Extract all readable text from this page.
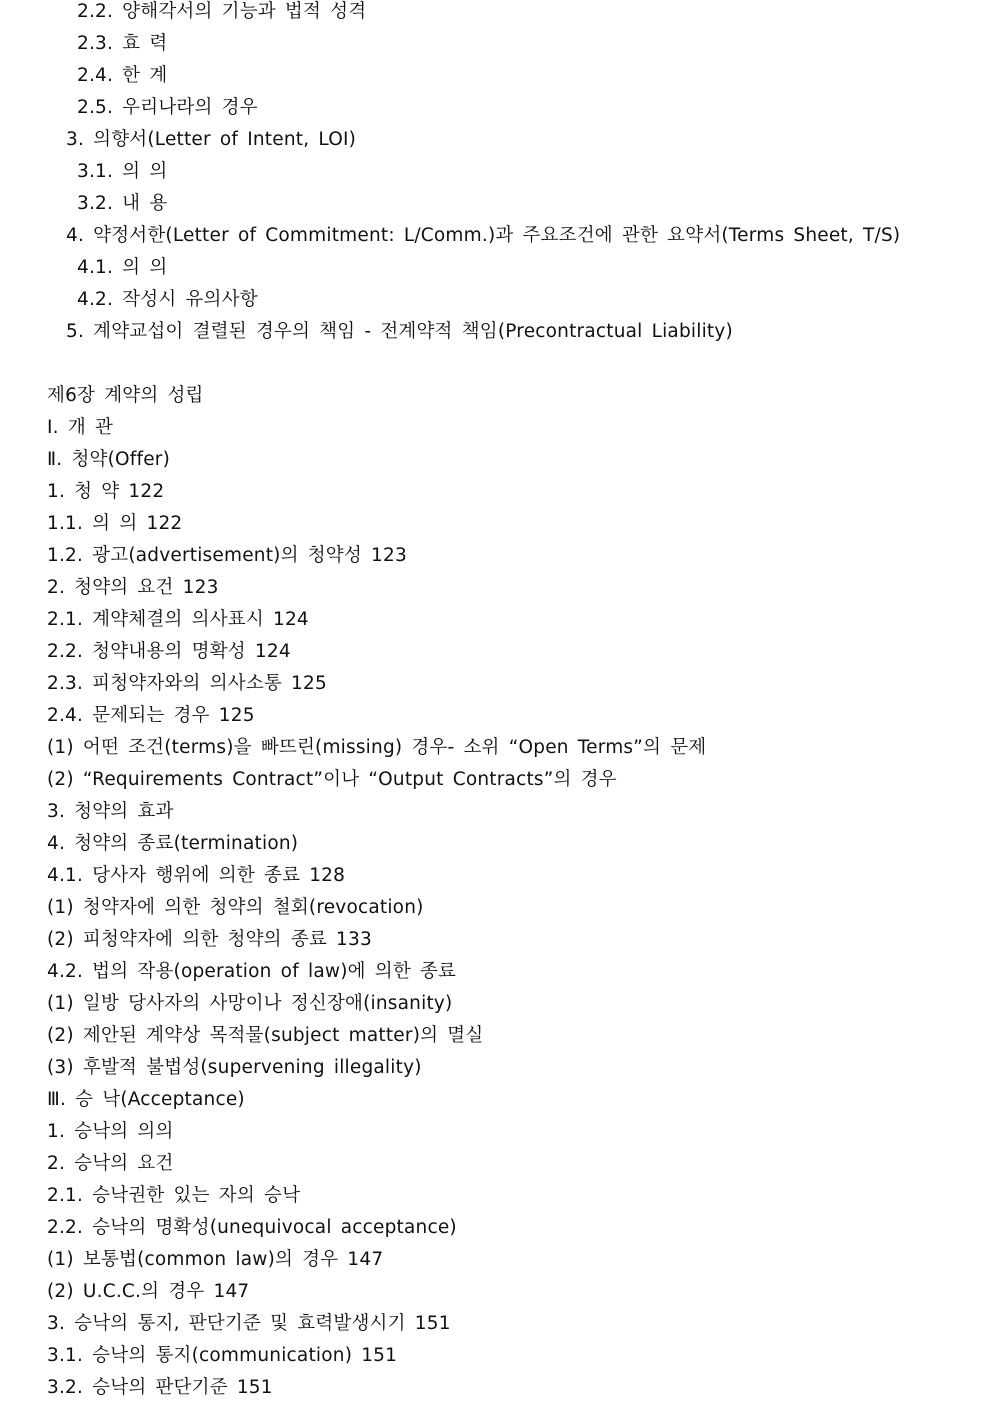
2.2. 양해각서의 기능과 법적 성격
2.3. 효 력
2.4. 한 계
2.5. 우리나라의 경우
3. 의향서(Letter of Intent, LOI)
3.1. 의 의
3.2. 내 용
4. 약정서한(Letter of Commitment: L/Comm.)과 주요조건에 관한 요약서(Terms Sheet, T/S)
4.1. 의 의
4.2. 작성시 유의사항
5. 계약교섭이 결렬된 경우의 책임 - 전계약적 책임(Precontractual Liability)
제6장 계약의 성립
Ⅰ. 개 관
Ⅱ. 청약(Offer)
1. 청 약 122
1.1. 의 의 122
1.2. 광고(advertisement)의 청약성 123
2. 청약의 요건 123
2.1. 계약체결의 의사표시 124
2.2. 청약내용의 명확성 124
2.3. 피청약자와의 의사소통 125
2.4. 문제되는 경우 125
(1) 어떤 조건(terms)을 빠뜨린(missing) 경우- 소위 “Open Terms”의 문제
(2) “Requirements Contract”이나 “Output Contracts”의 경우
3. 청약의 효과
4. 청약의 종료(termination)
4.1. 당사자 행위에 의한 종료 128
(1) 청약자에 의한 청약의 철회(revocation)
(2) 피청약자에 의한 청약의 종료 133
4.2. 법의 작용(operation of law)에 의한 종료
(1) 일방 당사자의 사망이나 정신장애(insanity)
(2) 제안된 계약상 목적물(subject matter)의 멸실
(3) 후발적 불법성(supervening illegality)
Ⅲ. 승 낙(Acceptance)
1. 승낙의 의의
2. 승낙의 요건
2.1. 승낙권한 있는 자의 승낙
2.2. 승낙의 명확성(unequivocal acceptance)
(1) 보통법(common law)의 경우 147
(2) U.C.C.의 경우 147
3. 승낙의 통지, 판단기준 및 효력발생시기 151
3.1. 승낙의 통지(communication) 151
3.2. 승낙의 판단기준 151
